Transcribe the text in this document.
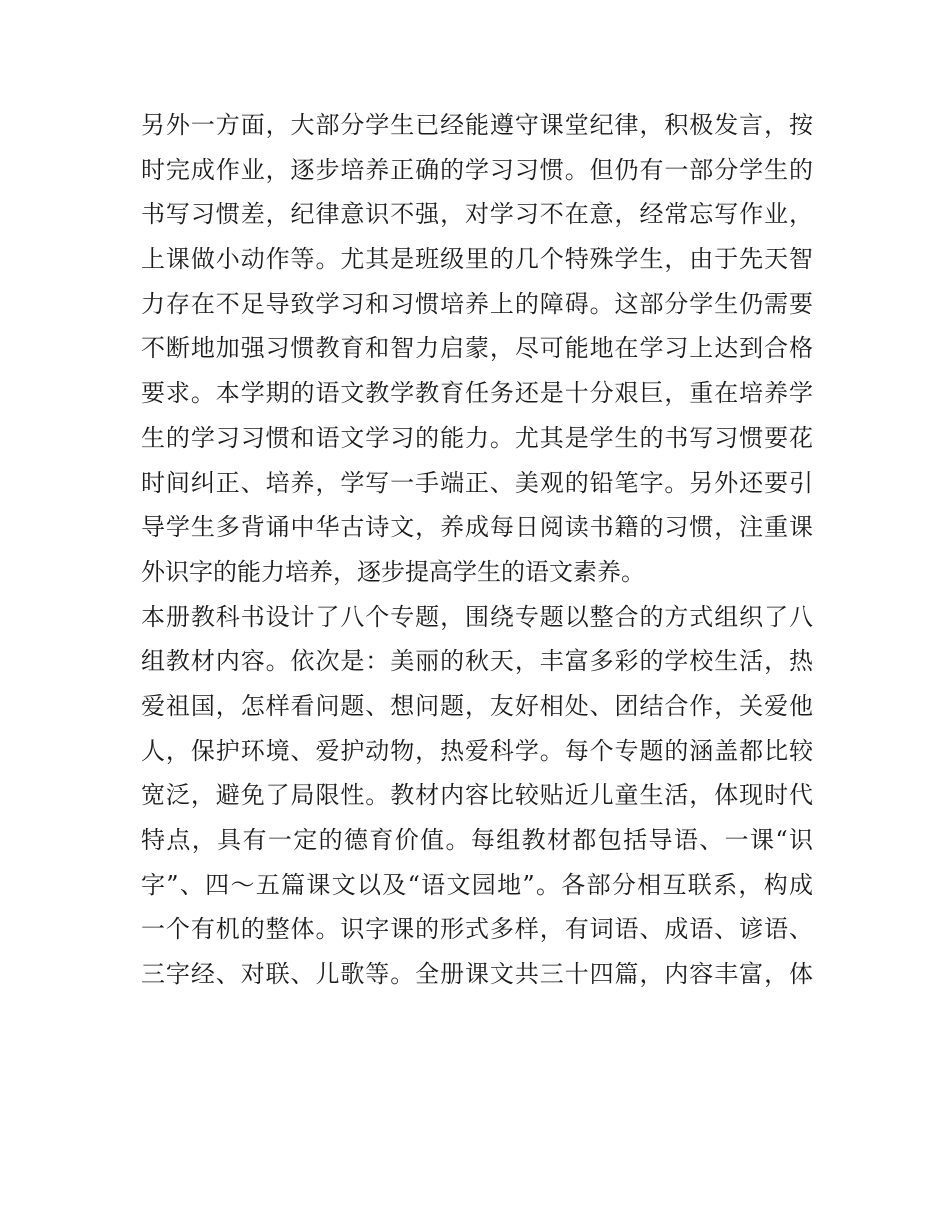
另外一方面，大部分学生已经能遵守课堂纪律，积极发言，按
时完成作业，逐步培养正确的学习习惯。但仍有一部分学生的
书写习惯差，纪律意识不强，对学习不在意，经常忘写作业，
上课做小动作等。尤其是班级里的几个特殊学生，由于先天智
力存在不足导致学习和习惯培养上的障碍。这部分学生仍需要
不断地加强习惯教育和智力启蒙，尽可能地在学习上达到合格
要求。本学期的语文教学教育任务还是十分艰巨，重在培养学
生的学习习惯和语文学习的能力。尤其是学生的书写习惯要花
时间纠正、培养，学写一手端正、美观的铅笔字。另外还要引
导学生多背诵中华古诗文，养成每日阅读书籍的习惯，注重课
外识字的能力培养，逐步提高学生的语文素养。
本册教科书设计了八个专题，围绕专题以整合的方式组织了八
组教材内容。依次是：美丽的秋天，丰富多彩的学校生活，热
爱祖国，怎样看问题、想问题，友好相处、团结合作，关爱他
人，保护环境、爱护动物，热爱科学。每个专题的涵盖都比较
宽泛，避免了局限性。教材内容比较贴近儿童生活，体现时代
特点，具有一定的德育价值。每组教材都包括导语、一课“识
字”、四～五篇课文以及“语文园地”。各部分相互联系，构成
一个有机的整体。识字课的形式多样，有词语、成语、谚语、
三字经、对联、儿歌等。全册课文共三十四篇，内容丰富，体
